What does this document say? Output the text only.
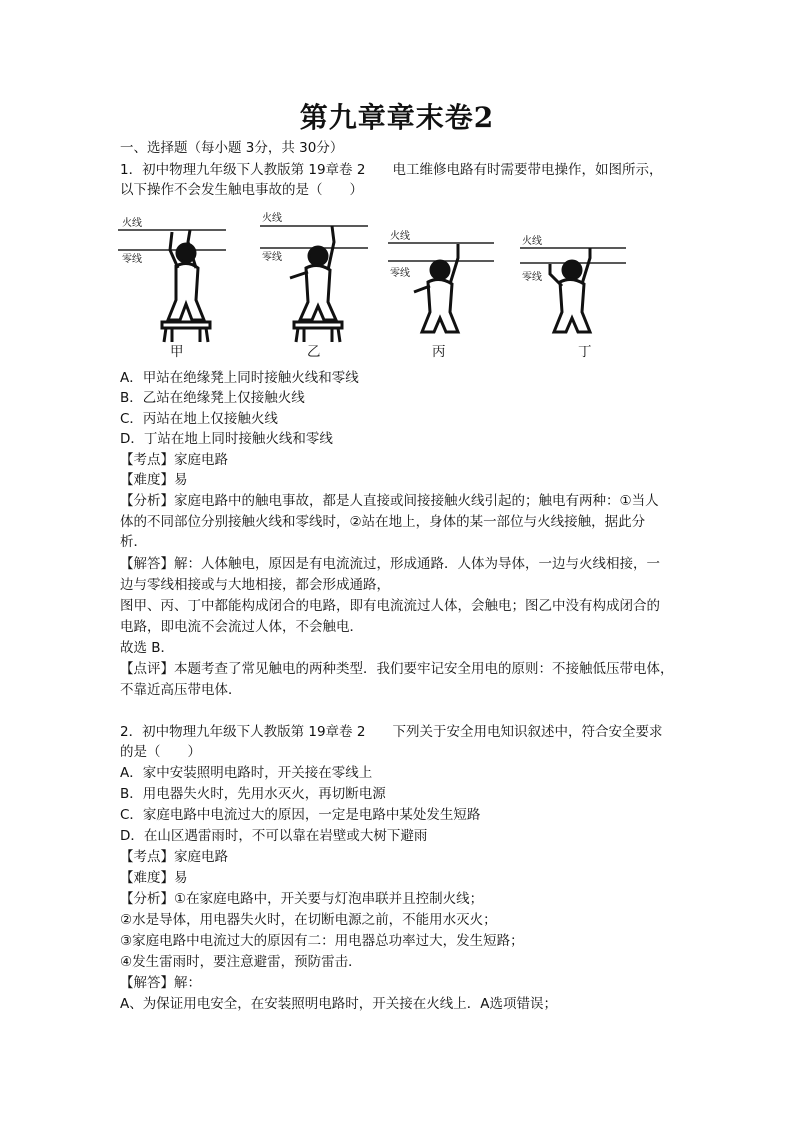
第九章章末卷2
一、选择题（每小题 3分，共 30分）
1．初中物理九年级下人教版第 19章卷 2　　电工维修电路有时需要带电操作，如图所示，
以下操作不会发生触电事故的是（　　）
火线
零线
火线
零线
火线
零线
火线
零线
甲	乙	丙	丁
A．甲站在绝缘凳上同时接触火线和零线
B．乙站在绝缘凳上仅接触火线
C．丙站在地上仅接触火线
D．丁站在地上同时接触火线和零线
【考点】家庭电路
【难度】易
【分析】家庭电路中的触电事故，都是人直接或间接接触火线引起的；触电有两种：①当人
体的不同部位分别接触火线和零线时，②站在地上，身体的某一部位与火线接触，据此分
析．
【解答】解：人体触电，原因是有电流流过，形成通路．人体为导体，一边与火线相接，一
边与零线相接或与大地相接，都会形成通路，
图甲、丙、丁中都能构成闭合的电路，即有电流流过人体，会触电；图乙中没有构成闭合的
电路，即电流不会流过人体，不会触电．
故选 B．
【点评】本题考查了常见触电的两种类型．我们要牢记安全用电的原则：不接触低压带电体，
不靠近高压带电体．
2．初中物理九年级下人教版第 19章卷 2　　下列关于安全用电知识叙述中，符合安全要求
的是（　　）
A．家中安装照明电路时，开关接在零线上
B．用电器失火时，先用水灭火，再切断电源
C．家庭电路中电流过大的原因，一定是电路中某处发生短路
D．在山区遇雷雨时，不可以靠在岩壁或大树下避雨
【考点】家庭电路
【难度】易
【分析】①在家庭电路中，开关要与灯泡串联并且控制火线；
②水是导体，用电器失火时，在切断电源之前，不能用水灭火；
③家庭电路中电流过大的原因有二：用电器总功率过大，发生短路；
④发生雷雨时，要注意避雷，预防雷击．
【解答】解：
A、为保证用电安全，在安装照明电路时，开关接在火线上．A选项错误；
